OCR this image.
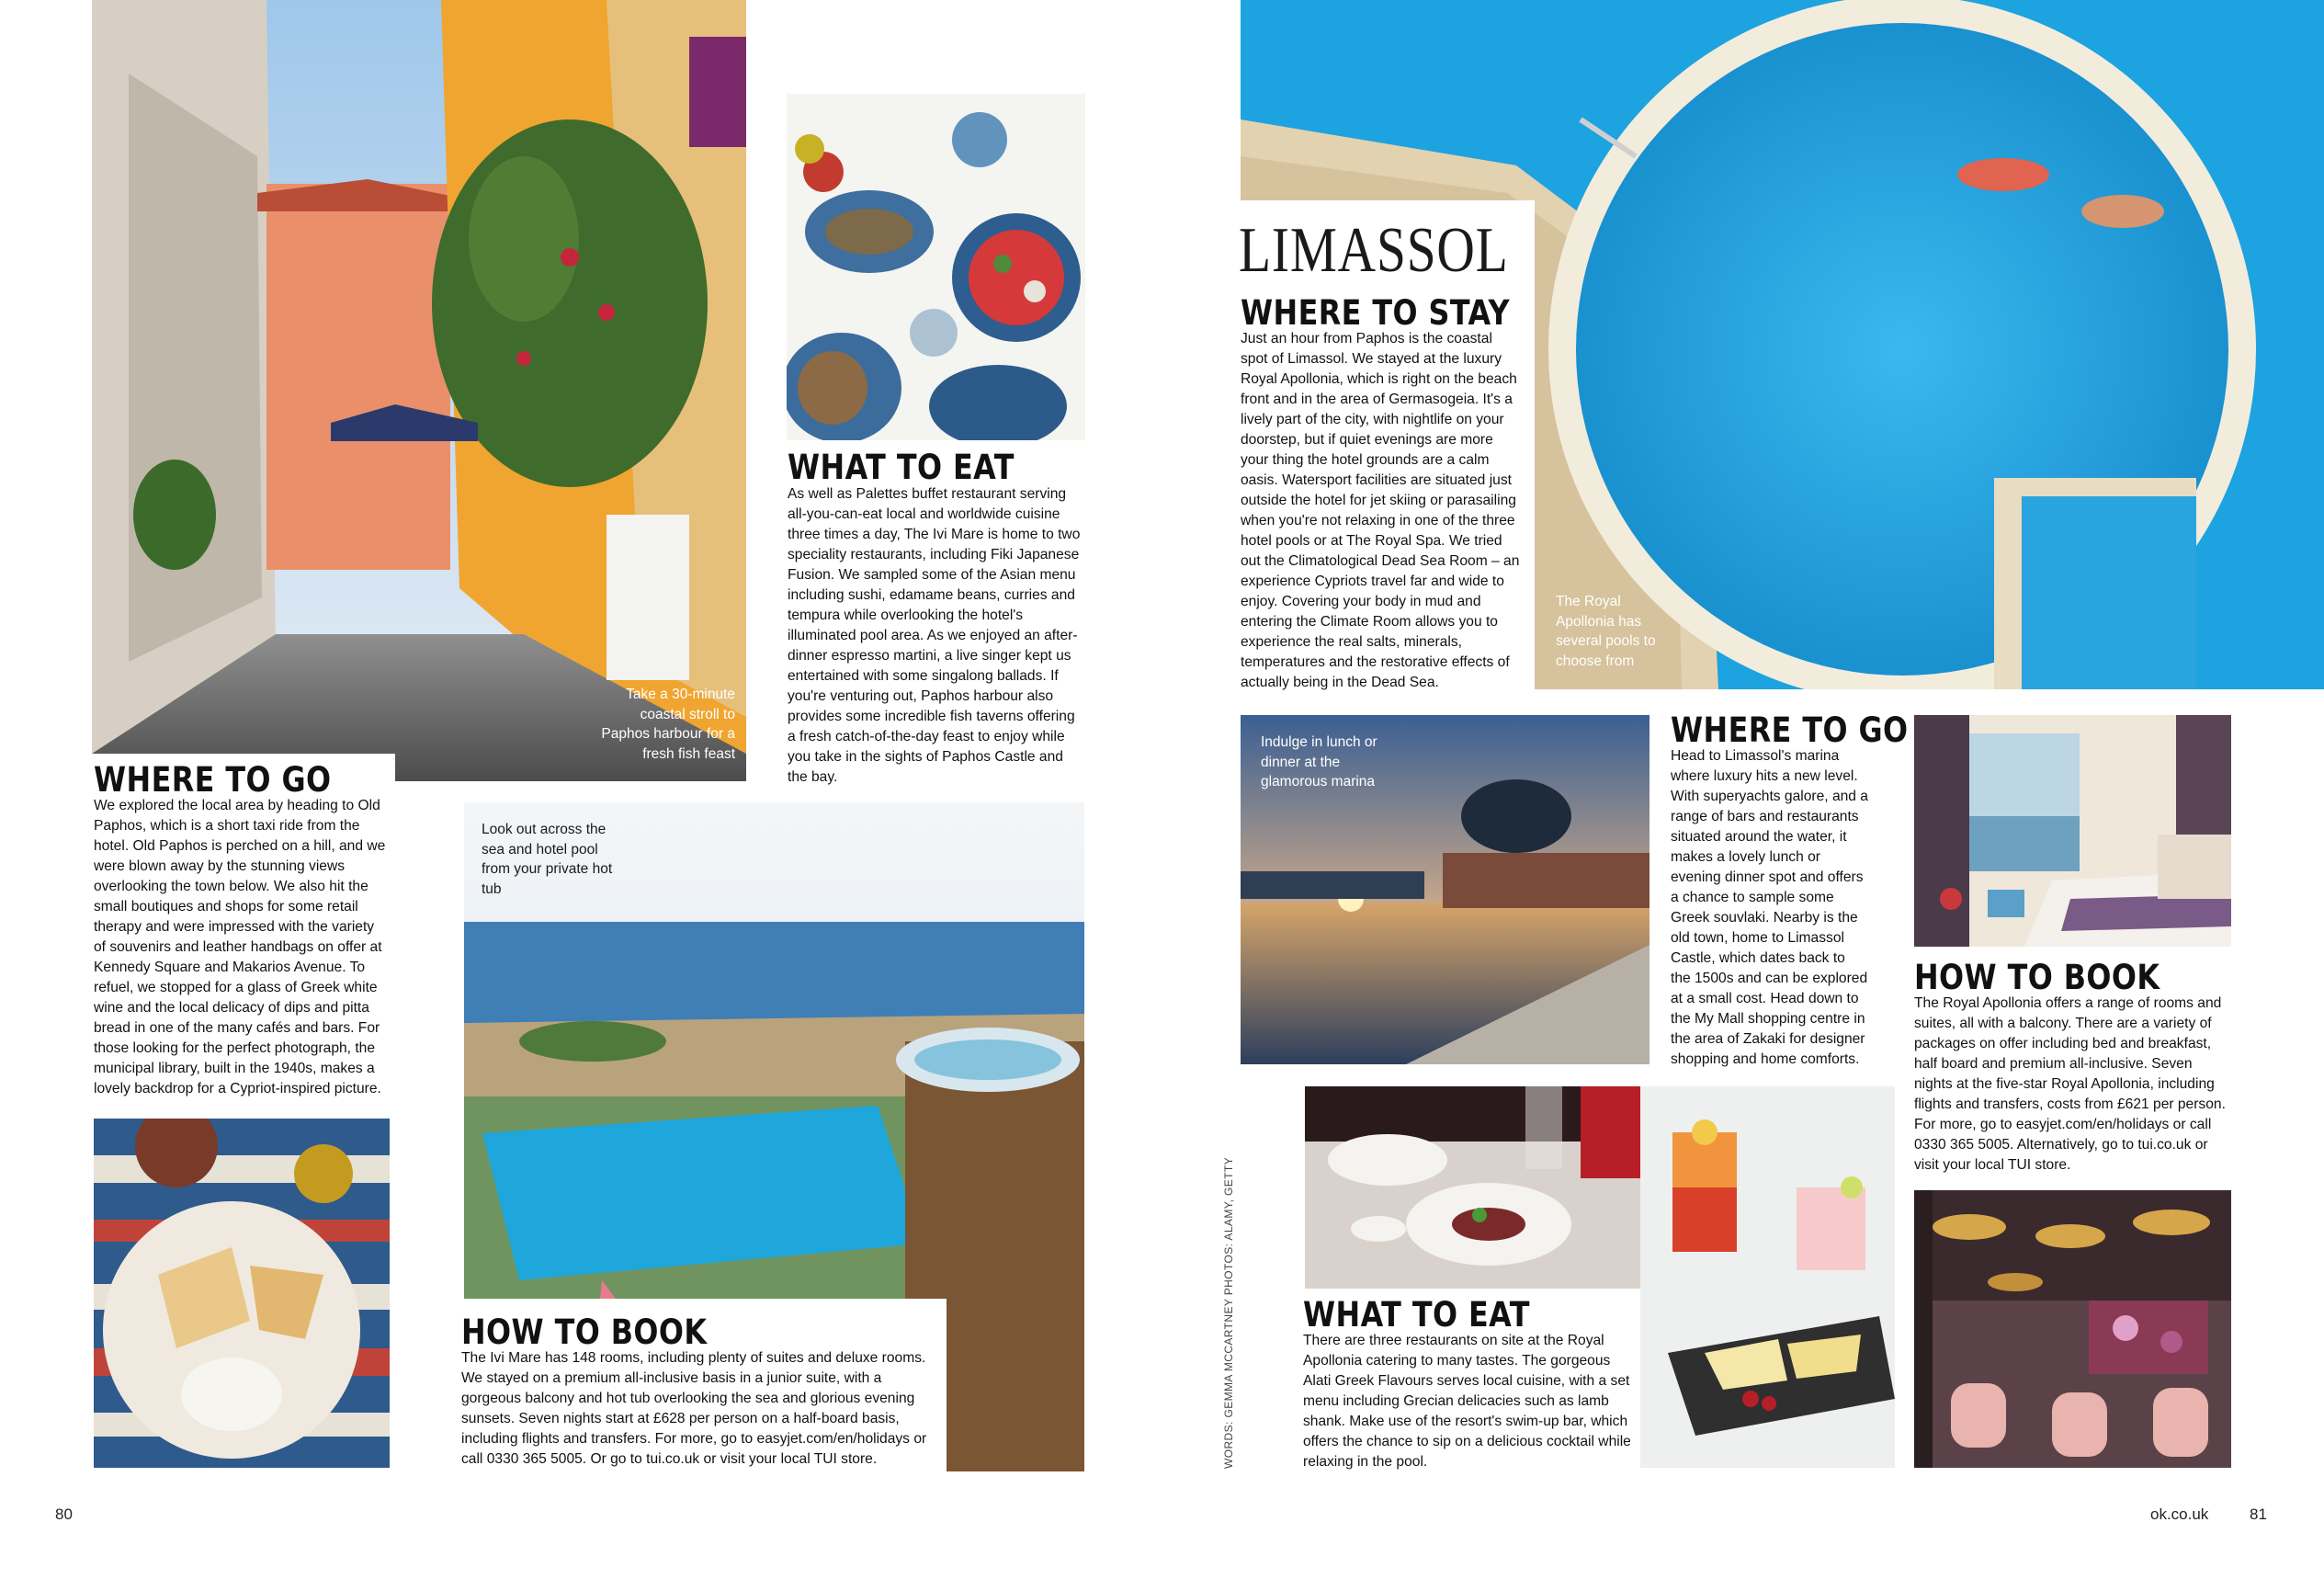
Take a 30-minute coastal stroll to Paphos harbour for a fresh fish feast
WHAT TO EAT
As well as Palettes buffet restaurant serving all-you-can-eat local and worldwide cuisine three times a day, The Ivi Mare is home to two speciality restaurants, including Fiki Japanese Fusion. We sampled some of the Asian menu including sushi, edamame beans, curries and tempura while overlooking the hotel's illuminated pool area. As we enjoyed an after-dinner espresso martini, a live singer kept us entertained with some singalong ballads. If you're venturing out, Paphos harbour also provides some incredible fish taverns offering a fresh catch-of-the-day feast to enjoy while you take in the sights of Paphos Castle and the bay.
WHERE TO GO
We explored the local area by heading to Old Paphos, which is a short taxi ride from the hotel. Old Paphos is perched on a hill, and we were blown away by the stunning views overlooking the town below. We also hit the small boutiques and shops for some retail therapy and were impressed with the variety of souvenirs and leather handbags on offer at Kennedy Square and Makarios Avenue. To refuel, we stopped for a glass of Greek white wine and the local delicacy of dips and pitta bread in one of the many cafés and bars. For those looking for the perfect photograph, the municipal library, built in the 1940s, makes a lovely backdrop for a Cypriot-inspired picture.
Look out across the sea and hotel pool from your private hot tub
HOW TO BOOK
The Ivi Mare has 148 rooms, including plenty of suites and deluxe rooms. We stayed on a premium all-inclusive basis in a junior suite, with a gorgeous balcony and hot tub overlooking the sea and glorious evening sunsets. Seven nights start at £628 per person on a half-board basis, including flights and transfers. For more, go to easyjet.com/en/holidays or call 0330 365 5005. Or go to tui.co.uk or visit your local TUI store.
80
The Royal Apollonia has several pools to choose from
LIMASSOL
WHERE TO STAY
Just an hour from Paphos is the coastal spot of Limassol. We stayed at the luxury Royal Apollonia, which is right on the beach front and in the area of Germasogeia. It's a lively part of the city, with nightlife on your doorstep, but if quiet evenings are more your thing the hotel grounds are a calm oasis. Watersport facilities are situated just outside the hotel for jet skiing or parasailing when you're not relaxing in one of the three hotel pools or at The Royal Spa. We tried out the Climatological Dead Sea Room – an experience Cypriots travel far and wide to enjoy. Covering your body in mud and entering the Climate Room allows you to experience the real salts, minerals, temperatures and the restorative effects of actually being in the Dead Sea.
Indulge in lunch or dinner at the glamorous marina
WHERE TO GO
Head to Limassol's marina where luxury hits a new level. With superyachts galore, and a range of bars and restaurants situated around the water, it makes a lovely lunch or evening dinner spot and offers a chance to sample some Greek souvlaki. Nearby is the old town, home to Limassol Castle, which dates back to the 1500s and can be explored at a small cost. Head down to the My Mall shopping centre in the area of Zakaki for designer shopping and home comforts.
HOW TO BOOK
The Royal Apollonia offers a range of rooms and suites, all with a balcony. There are a variety of packages on offer including bed and breakfast, half board and premium all-inclusive. Seven nights at the five-star Royal Apollonia, including flights and transfers, costs from £621 per person. For more, go to easyjet.com/en/holidays or call 0330 365 5005. Alternatively, go to tui.co.uk or visit your local TUI store.
WHAT TO EAT
There are three restaurants on site at the Royal Apollonia catering to many tastes. The gorgeous Alati Greek Flavours serves local cuisine, with a set menu including Grecian delicacies such as lamb shank. Make use of the resort's swim-up bar, which offers the chance to sip on a delicious cocktail while relaxing in the pool.
WORDS: GEMMA MCCARTNEY PHOTOS: ALAMY, GETTY
ok.co.uk	81
